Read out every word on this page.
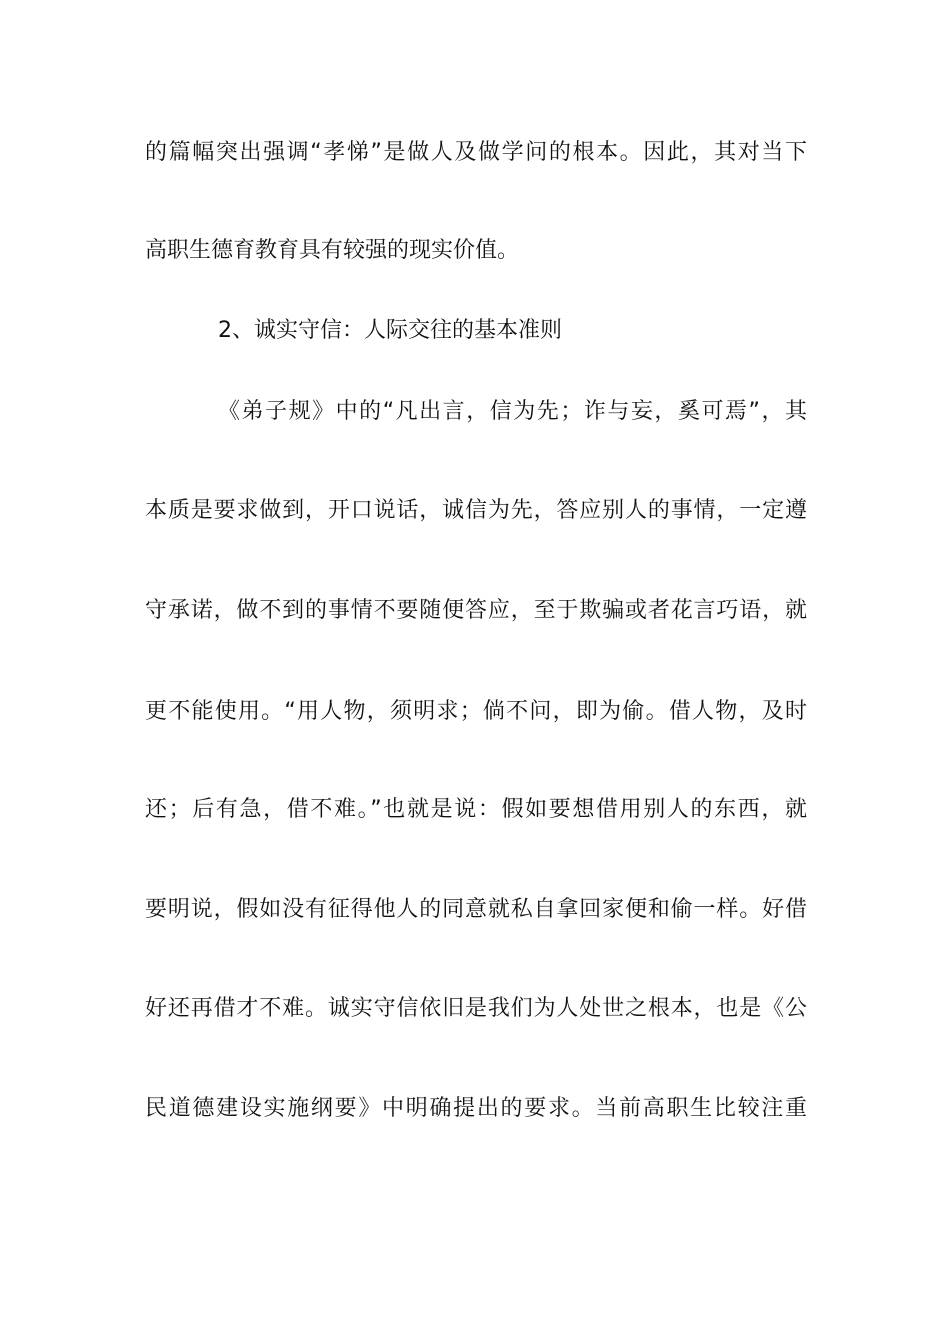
的篇幅突出强调“孝悌”是做人及做学问的根本。因此，其对当下
高职生德育教育具有较强的现实价值。
2、诚实守信：人际交往的基本准则
《弟子规》中的“凡出言，信为先；诈与妄，奚可焉”，其
本质是要求做到，开口说话，诚信为先，答应别人的事情，一定遵
守承诺，做不到的事情不要随便答应，至于欺骗或者花言巧语，就
更不能使用。“用人物，须明求；倘不问，即为偷。借人物，及时
还；后有急，借不难。”也就是说：假如要想借用别人的东西，就
要明说，假如没有征得他人的同意就私自拿回家便和偷一样。好借
好还再借才不难。诚实守信依旧是我们为人处世之根本，也是《公
民道德建设实施纲要》中明确提出的要求。当前高职生比较注重
